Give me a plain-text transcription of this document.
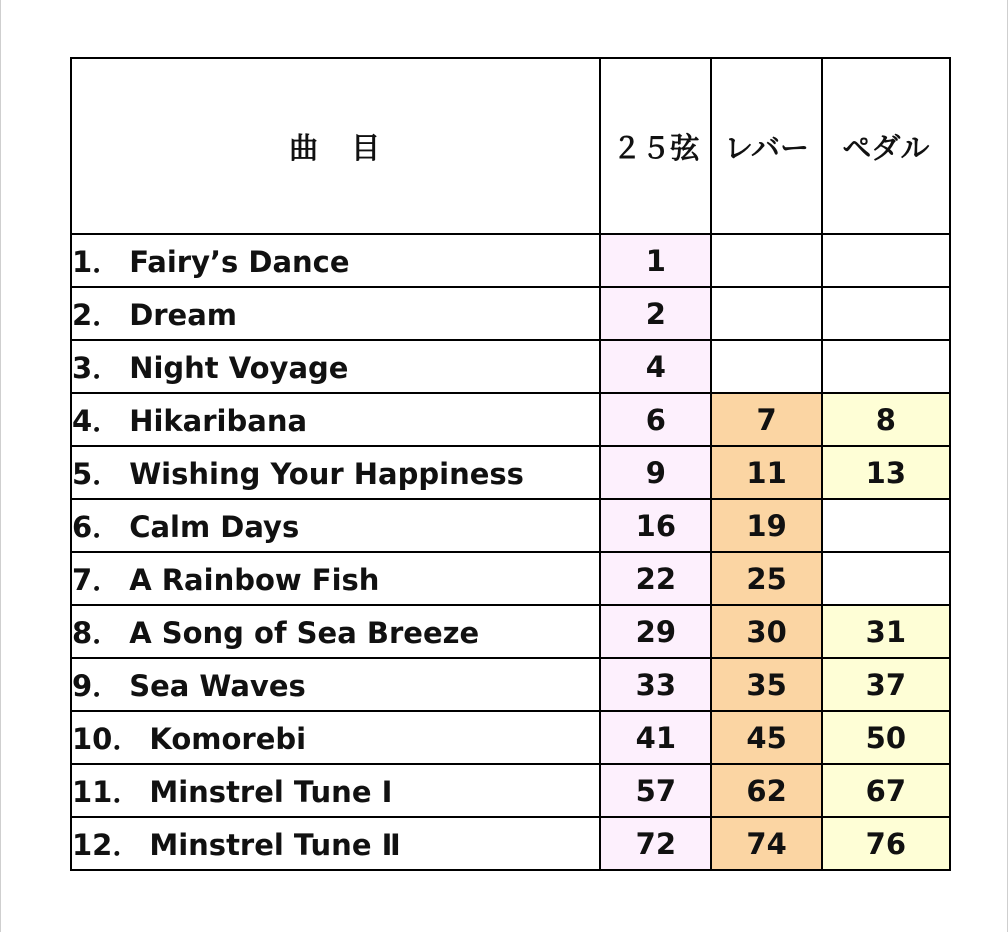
曲　目	２５弦	レバー	ペダル
1． Fairy’s Dance	1		
2． Dream	2		
3． Night Voyage	4		
4． Hikaribana	6	7	8
5． Wishing Your Happiness	9	11	13
6． Calm Days	16	19	
7． A Rainbow Fish	22	25	
8． A Song of Sea Breeze	29	30	31
9． Sea Waves	33	35	37
10． Komorebi	41	45	50
11． Minstrel Tune Ⅰ	57	62	67
12． Minstrel Tune Ⅱ	72	74	76
